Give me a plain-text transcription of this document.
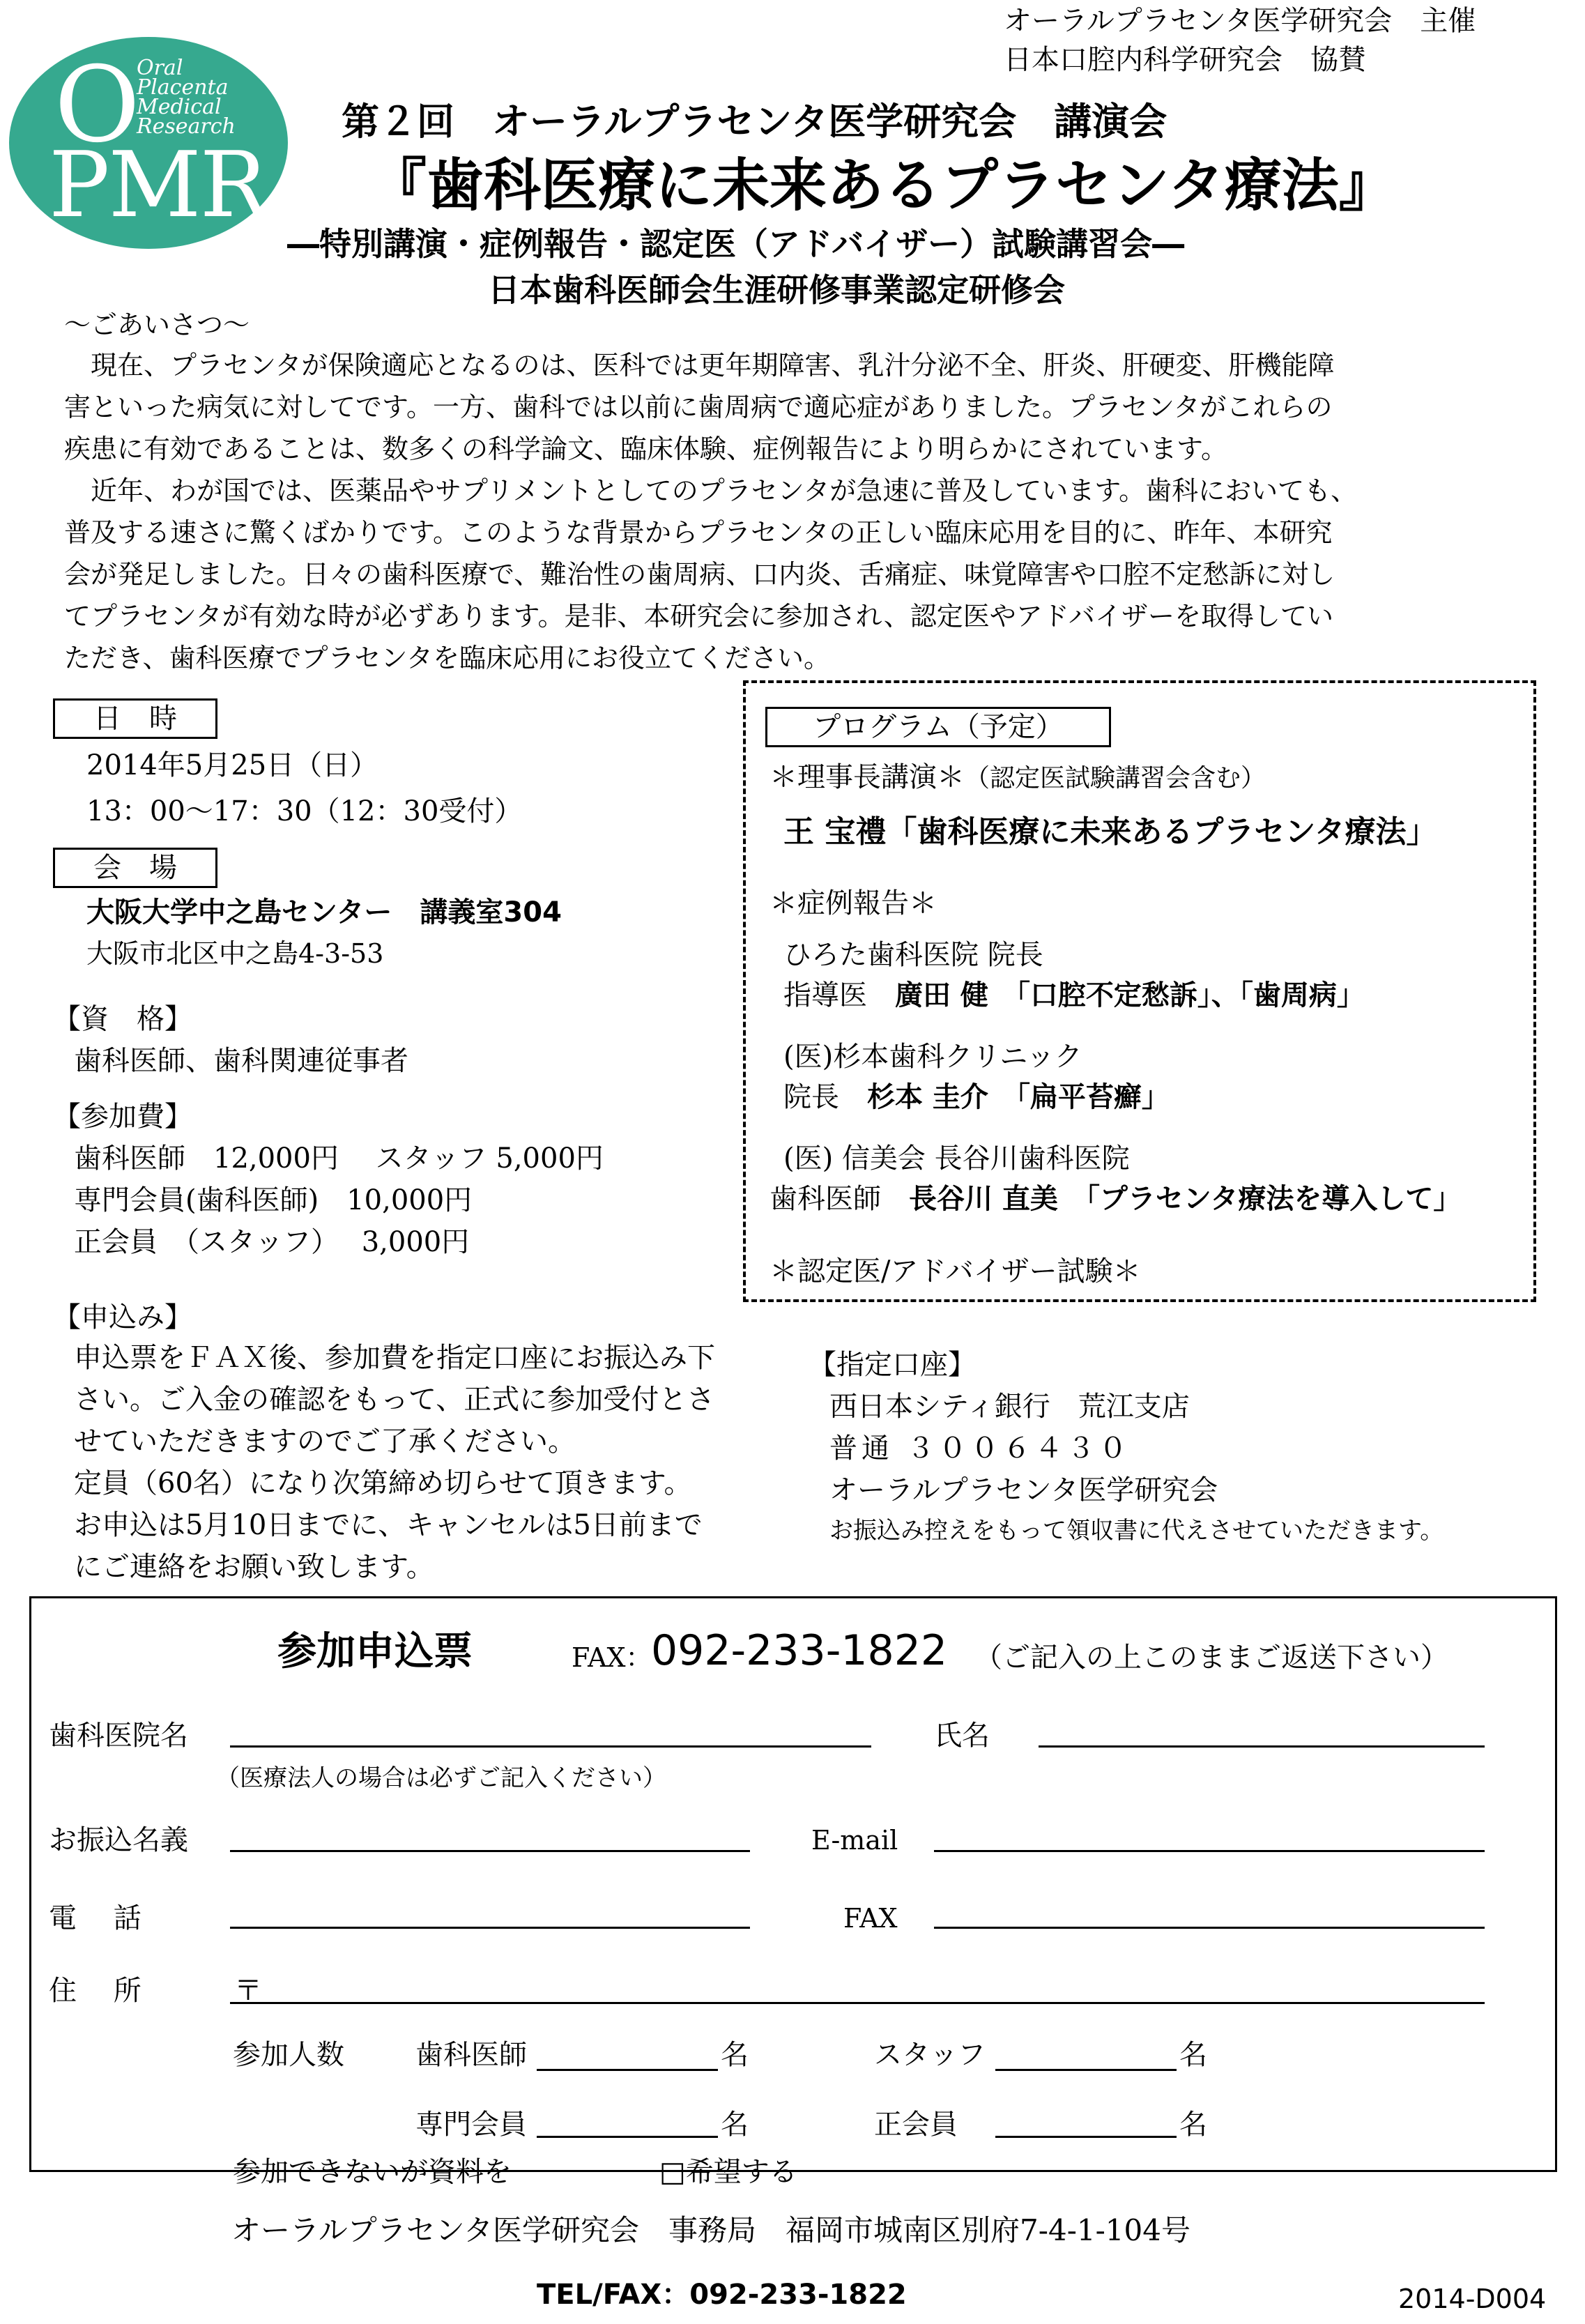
オーラルプラセンタ医学研究会　主催
日本口腔内科学研究会　協賛
O
PMR
Oral
Placenta
Medical
Research	第２回　オーラルプラセンタ医学研究会　講演会
『歯科医療に未来あるプラセンタ療法』
―特別講演・症例報告・認定医（アドバイザー）試験講習会―
日本歯科医師会生涯研修事業認定研修会
～ごあいさつ～

　現在、プラセンタが保険適応となるのは、医科では更年期障害、乳汁分泌不全、肝炎、肝硬変、肝機能障

害といった病気に対してです。一方、歯科では以前に歯周病で適応症がありました。プラセンタがこれらの

疾患に有効であることは、数多くの科学論文、臨床体験、症例報告により明らかにされています。

　近年、わが国では、医薬品やサプリメントとしてのプラセンタが急速に普及しています。歯科においても、

普及する速さに驚くばかりです。このような背景からプラセンタの正しい臨床応用を目的に、昨年、本研究

会が発足しました。日々の歯科医療で、難治性の歯周病、口内炎、舌痛症、味覚障害や口腔不定愁訴に対し

てプラセンタが有効な時が必ずあります。是非、本研究会に参加され、認定医やアドバイザーを取得してい

ただき、歯科医療でプラセンタを臨床応用にお役立てください。

日　時
2014年5月25日（日）
13：00～17：30（12：30受付）
会　場
大阪大学中之島センター　講義室304
大阪市北区中之島4-3-53
【資　格】
歯科医師、歯科関連従事者
【参加費】
歯科医師　12,000円　 スタッフ 5,000円
専門会員(歯科医師)　10,000円
正会員　（スタッフ）　 3,000円
【申込み】

申込票をＦＡＸ後、参加費を指定口座にお振込み下

さい。ご入金の確認をもって、正式に参加受付とさ

せていただきますのでご了承ください。

定員（60名）になり次第締め切らせて頂きます。

お申込は5月10日までに、キャンセルは5日前まで

にご連絡をお願い致します。

プログラム（予定）
＊理事長講演＊（認定医試験講習会含む）
王 宝禮「歯科医療に未来あるプラセンタ療法」
＊症例報告＊
ひろた歯科医院 院長
指導医　 廣田 健　 「口腔不定愁訴」、「歯周病」
(医)杉本歯科クリニック
院長　 杉本 圭介　 「扁平苔癬」
(医) 信美会 長谷川歯科医院
歯科医師　 長谷川 直美　 「プラセンタ療法を導入して」
＊認定医/アドバイザー試験＊
【指定口座】
西日本シティ銀行　荒江支店
普通 ３００６４３０
オーラルプラセンタ医学研究会
お振込み控えをもって領収書に代えさせていただきます。
参加申込票	FAX：
092-233-1822 （ご記入の上このままご返送下さい）
歯科医院名	氏名
（医療法人の場合は必ずご記入ください）
お振込名義	E-mail
電　 話	FAX
住　 所	〒
参加人数	歯科医師	名	スタッフ	名
専門会員	名	正会員	名
参加できないが資料を	□希望する
オーラルプラセンタ医学研究会　事務局　福岡市城南区別府7-4-1-104号
TEL/FAX：092-233-1822	2014-D004
